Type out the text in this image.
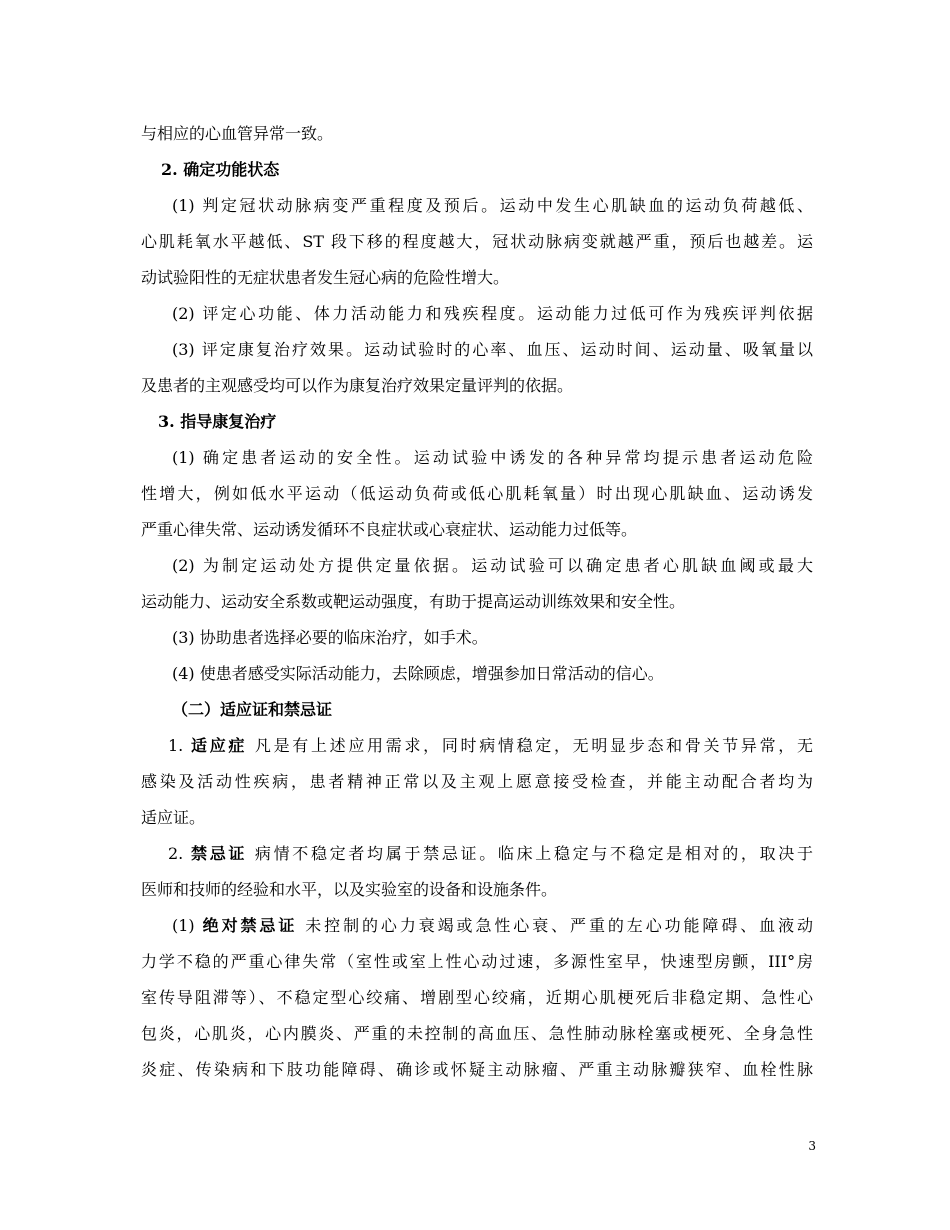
与相应的心血管异常一致。
2. 确定功能状态
(1) 判定冠状动脉病变严重程度及预后。运动中发生心肌缺血的运动负荷越低、
心肌耗氧水平越低、ST 段下移的程度越大，冠状动脉病变就越严重，预后也越差。运
动试验阳性的无症状患者发生冠心病的危险性增大。
(2) 评定心功能、体力活动能力和残疾程度。运动能力过低可作为残疾评判依据
(3) 评定康复治疗效果。运动试验时的心率、血压、运动时间、运动量、吸氧量以
及患者的主观感受均可以作为康复治疗效果定量评判的依据。
3. 指导康复治疗
(1) 确定患者运动的安全性。运动试验中诱发的各种异常均提示患者运动危险
性增大，例如低水平运动（低运动负荷或低心肌耗氧量）时出现心肌缺血、运动诱发
严重心律失常、运动诱发循环不良症状或心衰症状、运动能力过低等。
(2) 为制定运动处方提供定量依据。运动试验可以确定患者心肌缺血阈或最大
运动能力、运动安全系数或靶运动强度，有助于提高运动训练效果和安全性。
(3) 协助患者选择必要的临床治疗，如手术。
(4) 使患者感受实际活动能力，去除顾虑，增强参加日常活动的信心。
（二）适应证和禁忌证
1. 适应症 凡是有上述应用需求，同时病情稳定，无明显步态和骨关节异常，无
感染及活动性疾病，患者精神正常以及主观上愿意接受检查，并能主动配合者均为
适应证。
2. 禁忌证 病情不稳定者均属于禁忌证。临床上稳定与不稳定是相对的，取决于
医师和技师的经验和水平，以及实验室的设备和设施条件。
(1) 绝对禁忌证 未控制的心力衰竭或急性心衰、严重的左心功能障碍、血液动
力学不稳的严重心律失常（室性或室上性心动过速，多源性室早，快速型房颤，III°房
室传导阻滞等）、不稳定型心绞痛、增剧型心绞痛，近期心肌梗死后非稳定期、急性心
包炎，心肌炎，心内膜炎、严重的未控制的高血压、急性肺动脉栓塞或梗死、全身急性
炎症、传染病和下肢功能障碍、确诊或怀疑主动脉瘤、严重主动脉瓣狭窄、血栓性脉
3
